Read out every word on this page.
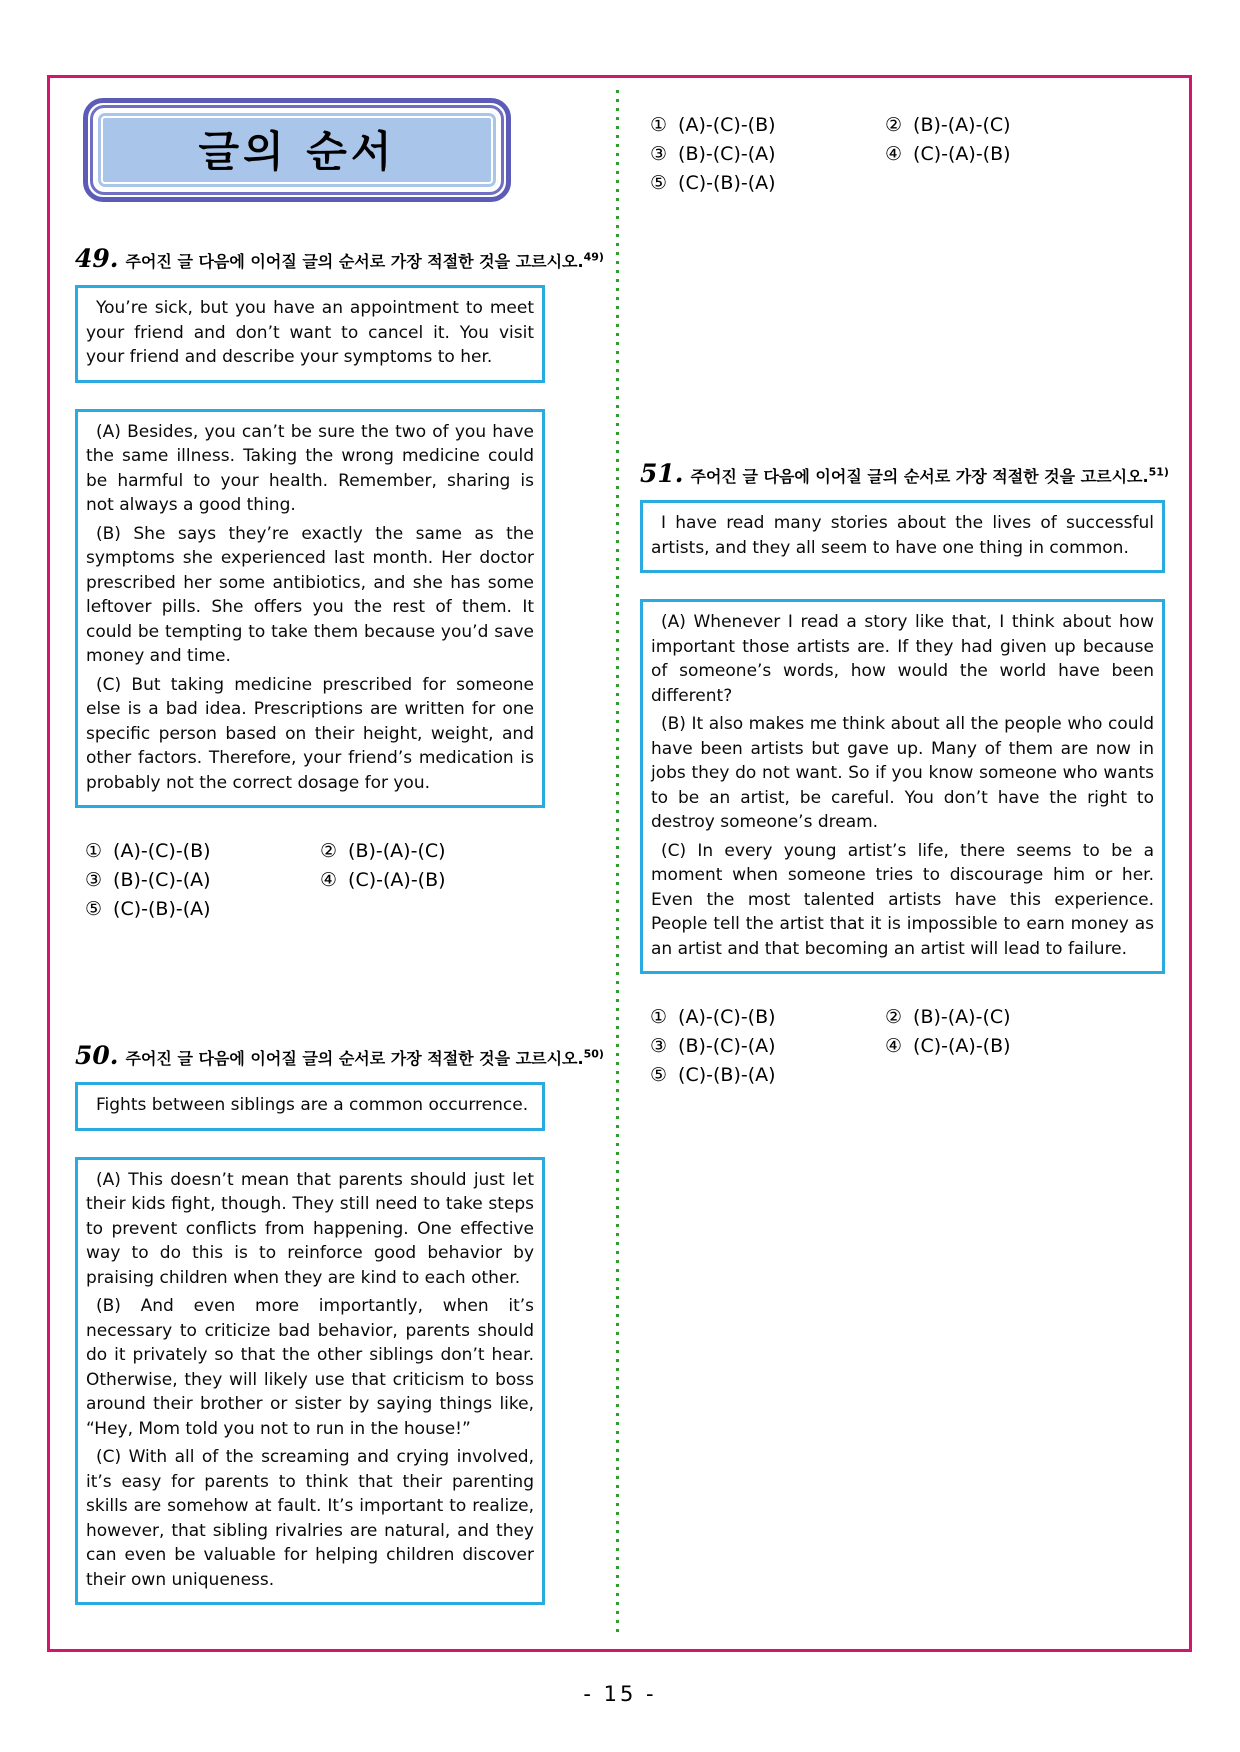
글의 순서
49. 주어진 글 다음에 이어질 글의 순서로 가장 적절한 것을 고르시오.$^{49)}$

You’re sick, but you have an appointment to meet your friend and don’t want to cancel it. You visit your friend and describe your symptoms to her.

(A) Besides, you can’t be sure the two of you have the same illness. Taking the wrong medicine could be harmful to your health. Remember, sharing is not always a good thing.

(B) She says they’re exactly the same as the symptoms she experienced last month. Her doctor prescribed her some antibiotics, and she has some leftover pills. She offers you the rest of them. It could be tempting to take them because you’d save money and time.

(C) But taking medicine prescribed for someone else is a bad idea. Prescriptions are written for one specific person based on their height, weight, and other factors. Therefore, your friend’s medication is probably not the correct dosage for you.

① (A)-(C)-(B)	② (B)-(A)-(C)
③ (B)-(C)-(A)	④ (C)-(A)-(B)
⑤ (C)-(B)-(A)
50. 주어진 글 다음에 이어질 글의 순서로 가장 적절한 것을 고르시오.$^{50)}$

Fights between siblings are a common occurrence.

(A) This doesn’t mean that parents should just let their kids fight, though. They still need to take steps to prevent conflicts from happening. One effective way to do this is to reinforce good behavior by praising children when they are kind to each other.

(B) And even more importantly, when it’s necessary to criticize bad behavior, parents should do it privately so that the other siblings don’t hear. Otherwise, they will likely use that criticism to boss around their brother or sister by saying things like, “Hey, Mom told you not to run in the house!”

(C) With all of the screaming and crying involved, it’s easy for parents to think that their parenting skills are somehow at fault. It’s important to realize, however, that sibling rivalries are natural, and they can even be valuable for helping children discover their own uniqueness.

① (A)-(C)-(B)	② (B)-(A)-(C)
③ (B)-(C)-(A)	④ (C)-(A)-(B)
⑤ (C)-(B)-(A)
51. 주어진 글 다음에 이어질 글의 순서로 가장 적절한 것을 고르시오.$^{51)}$

I have read many stories about the lives of successful artists, and they all seem to have one thing in common.

(A) Whenever I read a story like that, I think about how important those artists are. If they had given up because of someone’s words, how would the world have been different?

(B) It also makes me think about all the people who could have been artists but gave up. Many of them are now in jobs they do not want. So if you know someone who wants to be an artist, be careful. You don’t have the right to destroy someone’s dream.

(C) In every young artist’s life, there seems to be a moment when someone tries to discourage him or her. Even the most talented artists have this experience. People tell the artist that it is impossible to earn money as an artist and that becoming an artist will lead to failure.

① (A)-(C)-(B)	② (B)-(A)-(C)
③ (B)-(C)-(A)	④ (C)-(A)-(B)
⑤ (C)-(B)-(A)
- 15 -
